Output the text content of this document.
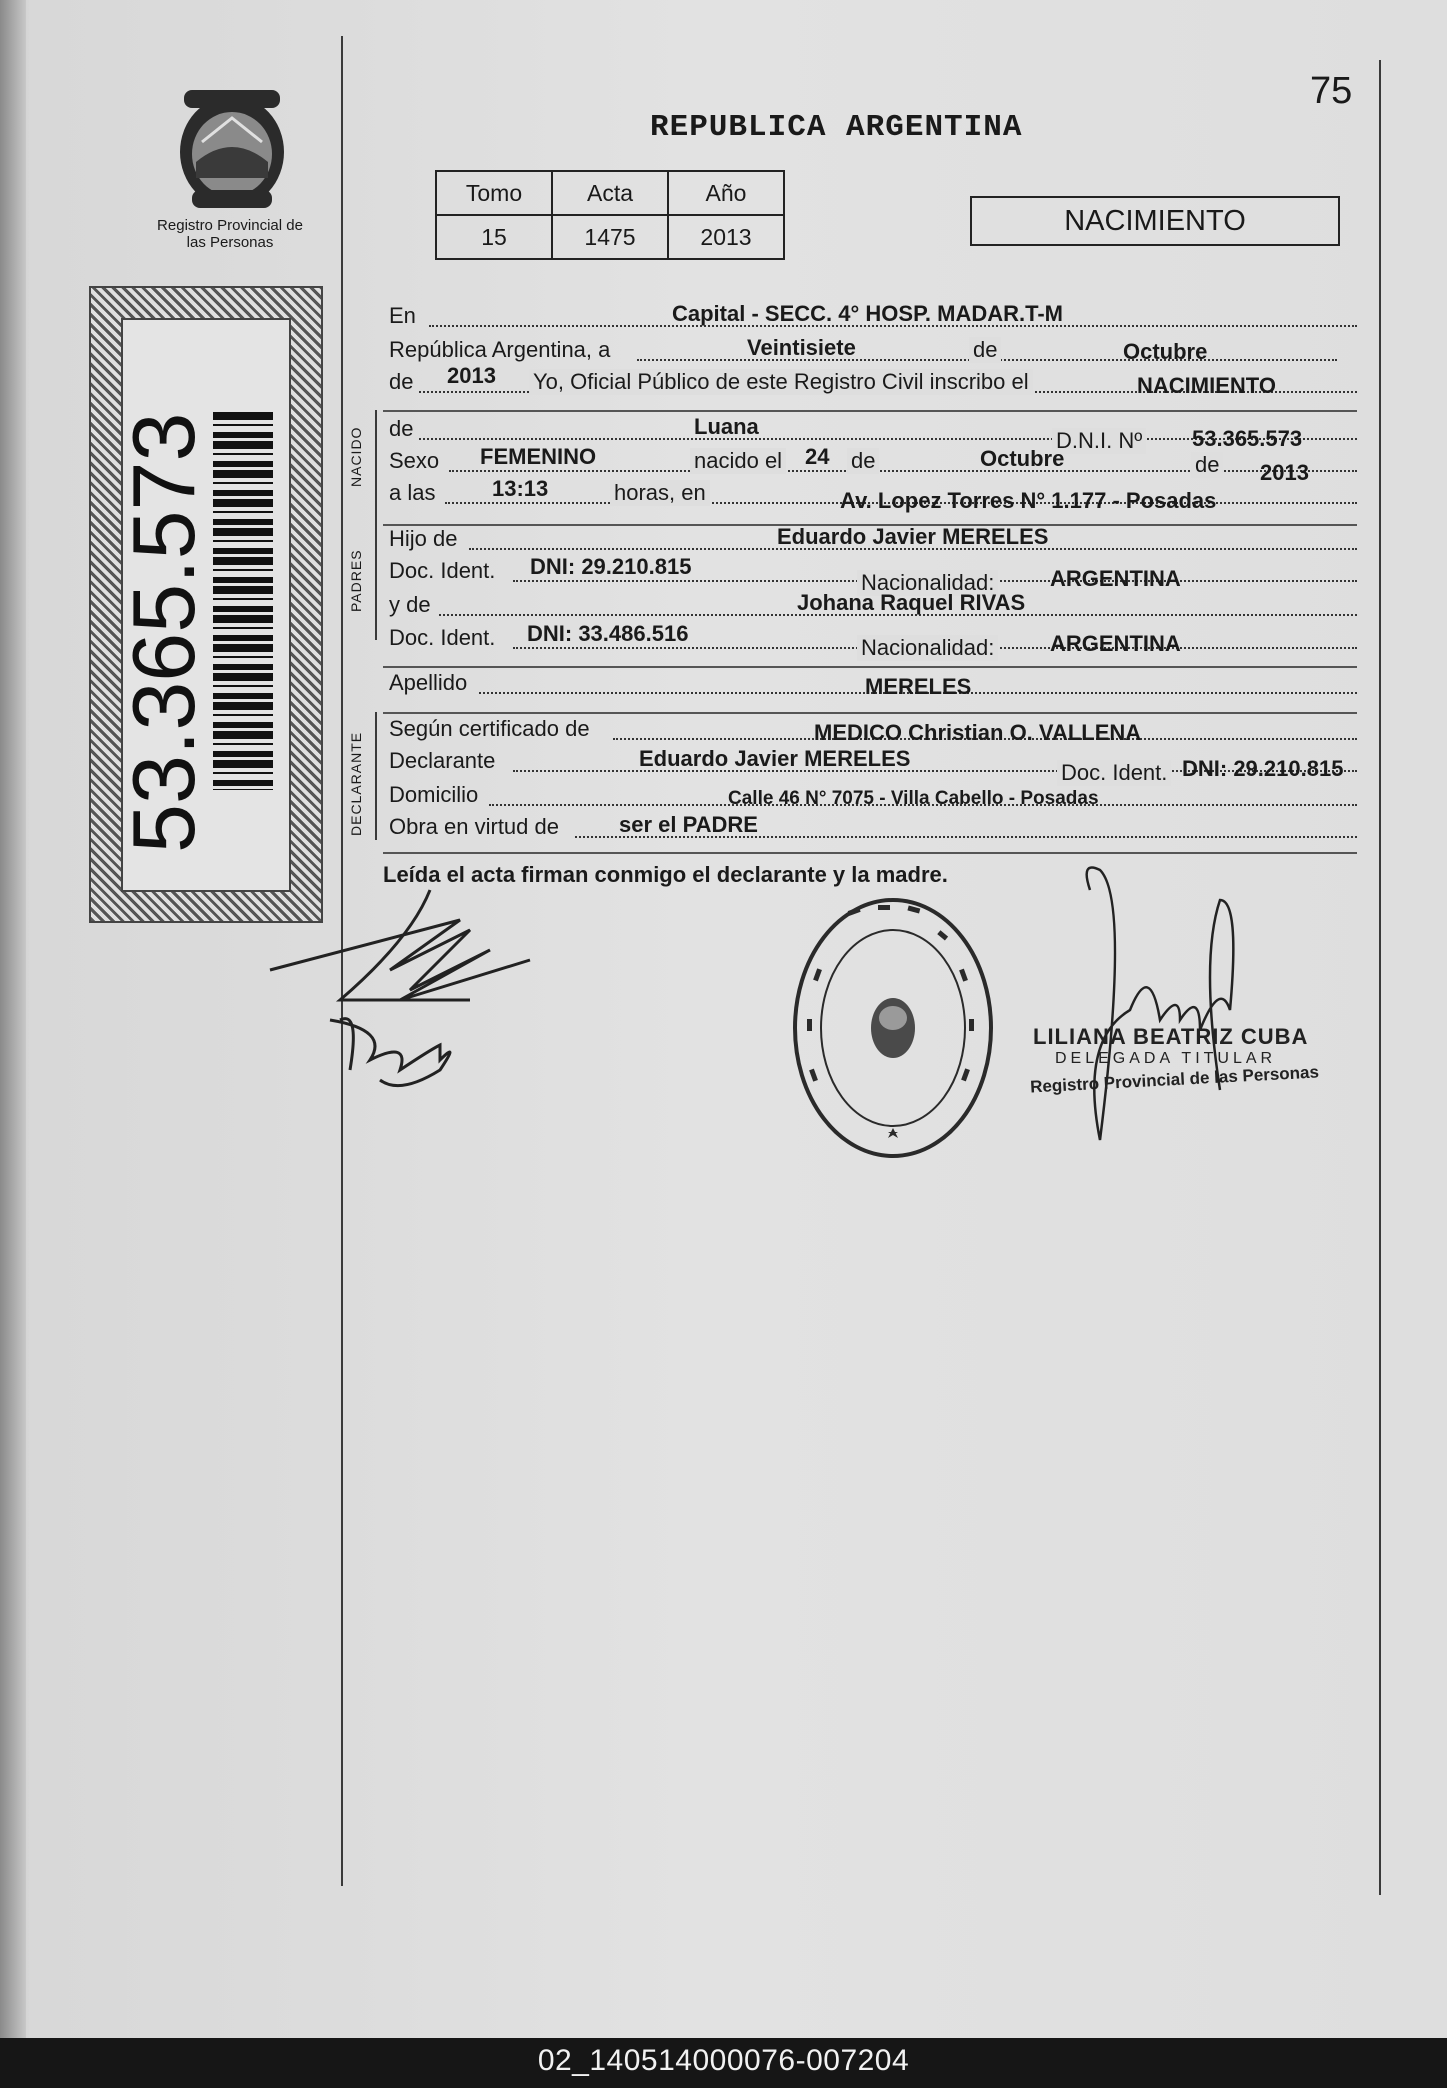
75
REPUBLICA ARGENTINA
Registro Provincial de las Personas
Tomo	Acta	Año
15	1475	2013	NACIMIENTO
53.365.573	NACIDO
PADRES
DECLARANTE
En	Capital - SECC. 4° HOSP. MADAR.T-M
República Argentina, a	Veintisiete	de	Octubre
de 2013 Yo, Oficial Público de este Registro Civil inscribo el	NACIMIENTO
de	Luana
D.N.I. Nº 53.365.573
Sexo FEMENINO	nacido el 24 de	Octubre	de 2013
a las	13:13	horas, en	Av. Lopez Torres N° 1.177 - Posadas
Hijo de	Eduardo Javier MERELES
Doc. Ident. DNI: 29.210.815
Nacionalidad:	ARGENTINA
y de	Johana Raquel RIVAS
Doc. Ident. DNI: 33.486.516
Nacionalidad:	ARGENTINA
Apellido	MERELES
Según certificado de	MEDICO Christian O. VALLENA
Declarante	Eduardo Javier MERELES
Doc. Ident. DNI: 29.210.815
Domicilio	Calle 46 N° 7075 - Villa Cabello - Posadas
Obra en virtud de	ser el PADRE
Leída el acta firman conmigo el declarante y la madre.
LILIANA BEATRIZ CUBA
DELEGADA TITULAR
Registro Provincial de las Personas
02_140514000076-007204
